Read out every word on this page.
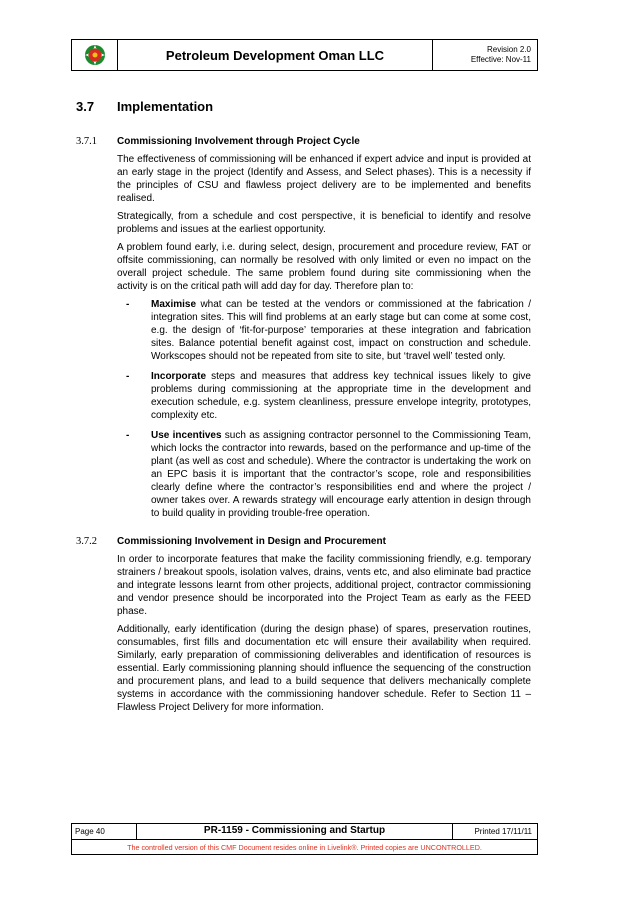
Petroleum Development Oman LLC	Revision 2.0
Effective: Nov-11
3.7	Implementation
3.7.1	Commissioning Involvement through Project Cycle

The effectiveness of commissioning will be enhanced if expert advice and input is provided at an early stage in the project (Identify and Assess, and Select phases). This is a necessity if the principles of CSU and flawless project delivery are to be implemented and benefits realised.

Strategically, from a schedule and cost perspective, it is beneficial to identify and resolve problems and issues at the earliest opportunity.

A problem found early, i.e. during select, design, procurement and procedure review, FAT or offsite commissioning, can normally be resolved with only limited or even no impact on the overall project schedule. The same problem found during site commissioning when the activity is on the critical path will add day for day. Therefore plan to:

-	Maximise what can be tested at the vendors or commissioned at the fabrication / integration sites. This will find problems at an early stage but can come at some cost, e.g. the design of ‘fit-for-purpose’ temporaries at these integration and fabrication sites. Balance potential benefit against cost, impact on construction and schedule. Workscopes should not be repeated from site to site, but ‘travel well’ tested only.
-	Incorporate steps and measures that address key technical issues likely to give problems during commissioning at the appropriate time in the development and execution schedule, e.g. system cleanliness, pressure envelope integrity, prototypes, complexity etc.
-	Use incentives such as assigning contractor personnel to the Commissioning Team, which locks the contractor into rewards, based on the performance and up-time of the plant (as well as cost and schedule). Where the contractor is undertaking the work on an EPC basis it is important that the contractor’s scope, role and responsibilities clearly define where the contractor’s responsibilities end and where the project / owner takes over. A rewards strategy will encourage early attention in design through to build quality in providing trouble-free operation.
3.7.2	Commissioning Involvement in Design and Procurement

In order to incorporate features that make the facility commissioning friendly, e.g. temporary strainers / breakout spools, isolation valves, drains, vents etc, and also eliminate bad practice and integrate lessons learnt from other projects, additional project, contractor commissioning and vendor presence should be incorporated into the Project Team as early as the FEED phase.

Additionally, early identification (during the design phase) of spares, preservation routines, consumables, first fills and documentation etc will ensure their availability when required. Similarly, early preparation of commissioning deliverables and identification of resources is essential. Early commissioning planning should influence the sequencing of the construction and procurement plans, and lead to a build sequence that delivers mechanically complete systems in accordance with the commissioning handover schedule. Refer to Section 11 – Flawless Project Delivery for more information.

Page 40	PR-1159 - Commissioning and Startup	Printed 17/11/11
The controlled version of this CMF Document resides online in Livelink®. Printed copies are UNCONTROLLED.
